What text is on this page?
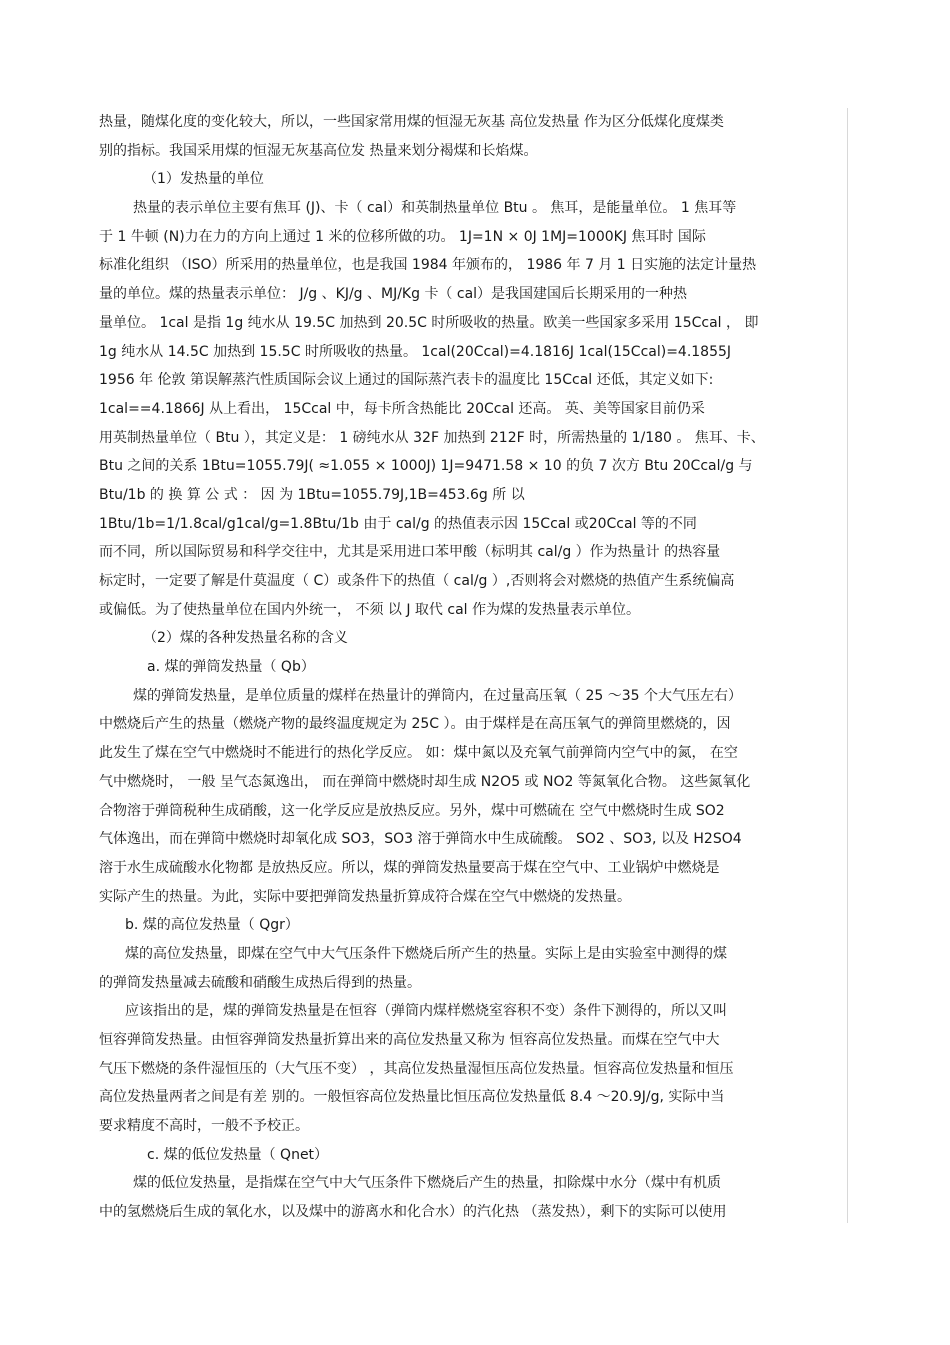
热量，随煤化度的变化较大，所以，一些国家常用煤的恒湿无灰基 高位发热量 作为区分低煤化度煤类
别的指标。我国采用煤的恒湿无灰基高位发 热量来划分褐煤和长焰煤。
（1）发热量的单位
热量的表示单位主要有焦耳 (J)、卡（ cal）和英制热量单位 Btu 。 焦耳，是能量单位。 1 焦耳等
于 1 牛顿 (N)力在力的方向上通过 1 米的位移所做的功。 1J=1N × 0J 1MJ=1000KJ 焦耳时 国际
标准化组织 （ISO）所采用的热量单位，也是我国 1984 年颁布的， 1986 年 7 月 1 日实施的法定计量热
量的单位。煤的热量表示单位： J/g 、KJ/g 、MJ/Kg 卡（ cal）是我国建国后长期采用的一种热
量单位。 1cal 是指 1g 纯水从 19.5C 加热到 20.5C 时所吸收的热量。欧美一些国家多采用 15Ccal ， 即
1g 纯水从 14.5C 加热到 15.5C 时所吸收的热量。 1cal(20Ccal)=4.1816J 1cal(15Ccal)=4.1855J
1956 年 伦敦 第误解蒸汽性质国际会议上通过的国际蒸汽表卡的温度比 15Ccal 还低，其定义如下:
1cal==4.1866J 从上看出， 15Ccal 中，每卡所含热能比 20Ccal 还高。 英、美等国家目前仍采
用英制热量单位（ Btu ），其定义是： 1 磅纯水从 32F 加热到 212F 时，所需热量的 1/180 。 焦耳、卡、
Btu 之间的关系 1Btu=1055.79J( ≈1.055 × 1000J) 1J=9471.58 × 10 的负 7 次方 Btu 20Ccal/g 与
Btu/1b 的 换 算 公 式 ： 因 为 1Btu=1055.79J,1B=453.6g 所 以
1Btu/1b=1/1.8cal/g1cal/g=1.8Btu/1b 由于 cal/g 的热值表示因 15Ccal 或20Ccal 等的不同
而不同，所以国际贸易和科学交往中，尤其是采用进口苯甲酸（标明其 cal/g ）作为热量计 的热容量
标定时，一定要了解是什莫温度（ C）或条件下的热值（ cal/g ）,否则将会对燃烧的热值产生系统偏高
或偏低。为了使热量单位在国内外统一， 不须 以 J 取代 cal 作为煤的发热量表示单位。
（2）煤的各种发热量名称的含义
a. 煤的弹筒发热量（ Qb）
煤的弹筒发热量，是单位质量的煤样在热量计的弹筒内，在过量高压氧（ 25 ～35 个大气压左右）
中燃烧后产生的热量（燃烧产物的最终温度规定为 25C ）。由于煤样是在高压氧气的弹筒里燃烧的，因
此发生了煤在空气中燃烧时不能进行的热化学反应。 如：煤中氮以及充氧气前弹筒内空气中的氮， 在空
气中燃烧时， 一般 呈气态氮逸出， 而在弹筒中燃烧时却生成 N2O5 或 NO2 等氮氧化合物。 这些氮氧化
合物溶于弹筒税种生成硝酸，这一化学反应是放热反应。另外，煤中可燃硫在 空气中燃烧时生成 SO2
气体逸出，而在弹筒中燃烧时却氧化成 SO3，SO3 溶于弹筒水中生成硫酸。 SO2 、SO3, 以及 H2SO4
溶于水生成硫酸水化物都 是放热反应。所以，煤的弹筒发热量要高于煤在空气中、工业锅炉中燃烧是
实际产生的热量。为此，实际中要把弹筒发热量折算成符合煤在空气中燃烧的发热量。
b. 煤的高位发热量（ Qgr）
煤的高位发热量，即煤在空气中大气压条件下燃烧后所产生的热量。实际上是由实验室中测得的煤
的弹筒发热量减去硫酸和硝酸生成热后得到的热量。
应该指出的是，煤的弹筒发热量是在恒容（弹筒内煤样燃烧室容积不变）条件下测得的，所以又叫
恒容弹筒发热量。由恒容弹筒发热量折算出来的高位发热量又称为 恒容高位发热量。而煤在空气中大
气压下燃烧的条件湿恒压的（大气压不变） ，其高位发热量湿恒压高位发热量。恒容高位发热量和恒压
高位发热量两者之间是有差 别的。一般恒容高位发热量比恒压高位发热量低 8.4 ～20.9J/g, 实际中当
要求精度不高时，一般不予校正。
c. 煤的低位发热量（ Qnet）
煤的低位发热量，是指煤在空气中大气压条件下燃烧后产生的热量，扣除煤中水分（煤中有机质
中的氢燃烧后生成的氧化水，以及煤中的游离水和化合水）的汽化热 （蒸发热），剩下的实际可以使用
